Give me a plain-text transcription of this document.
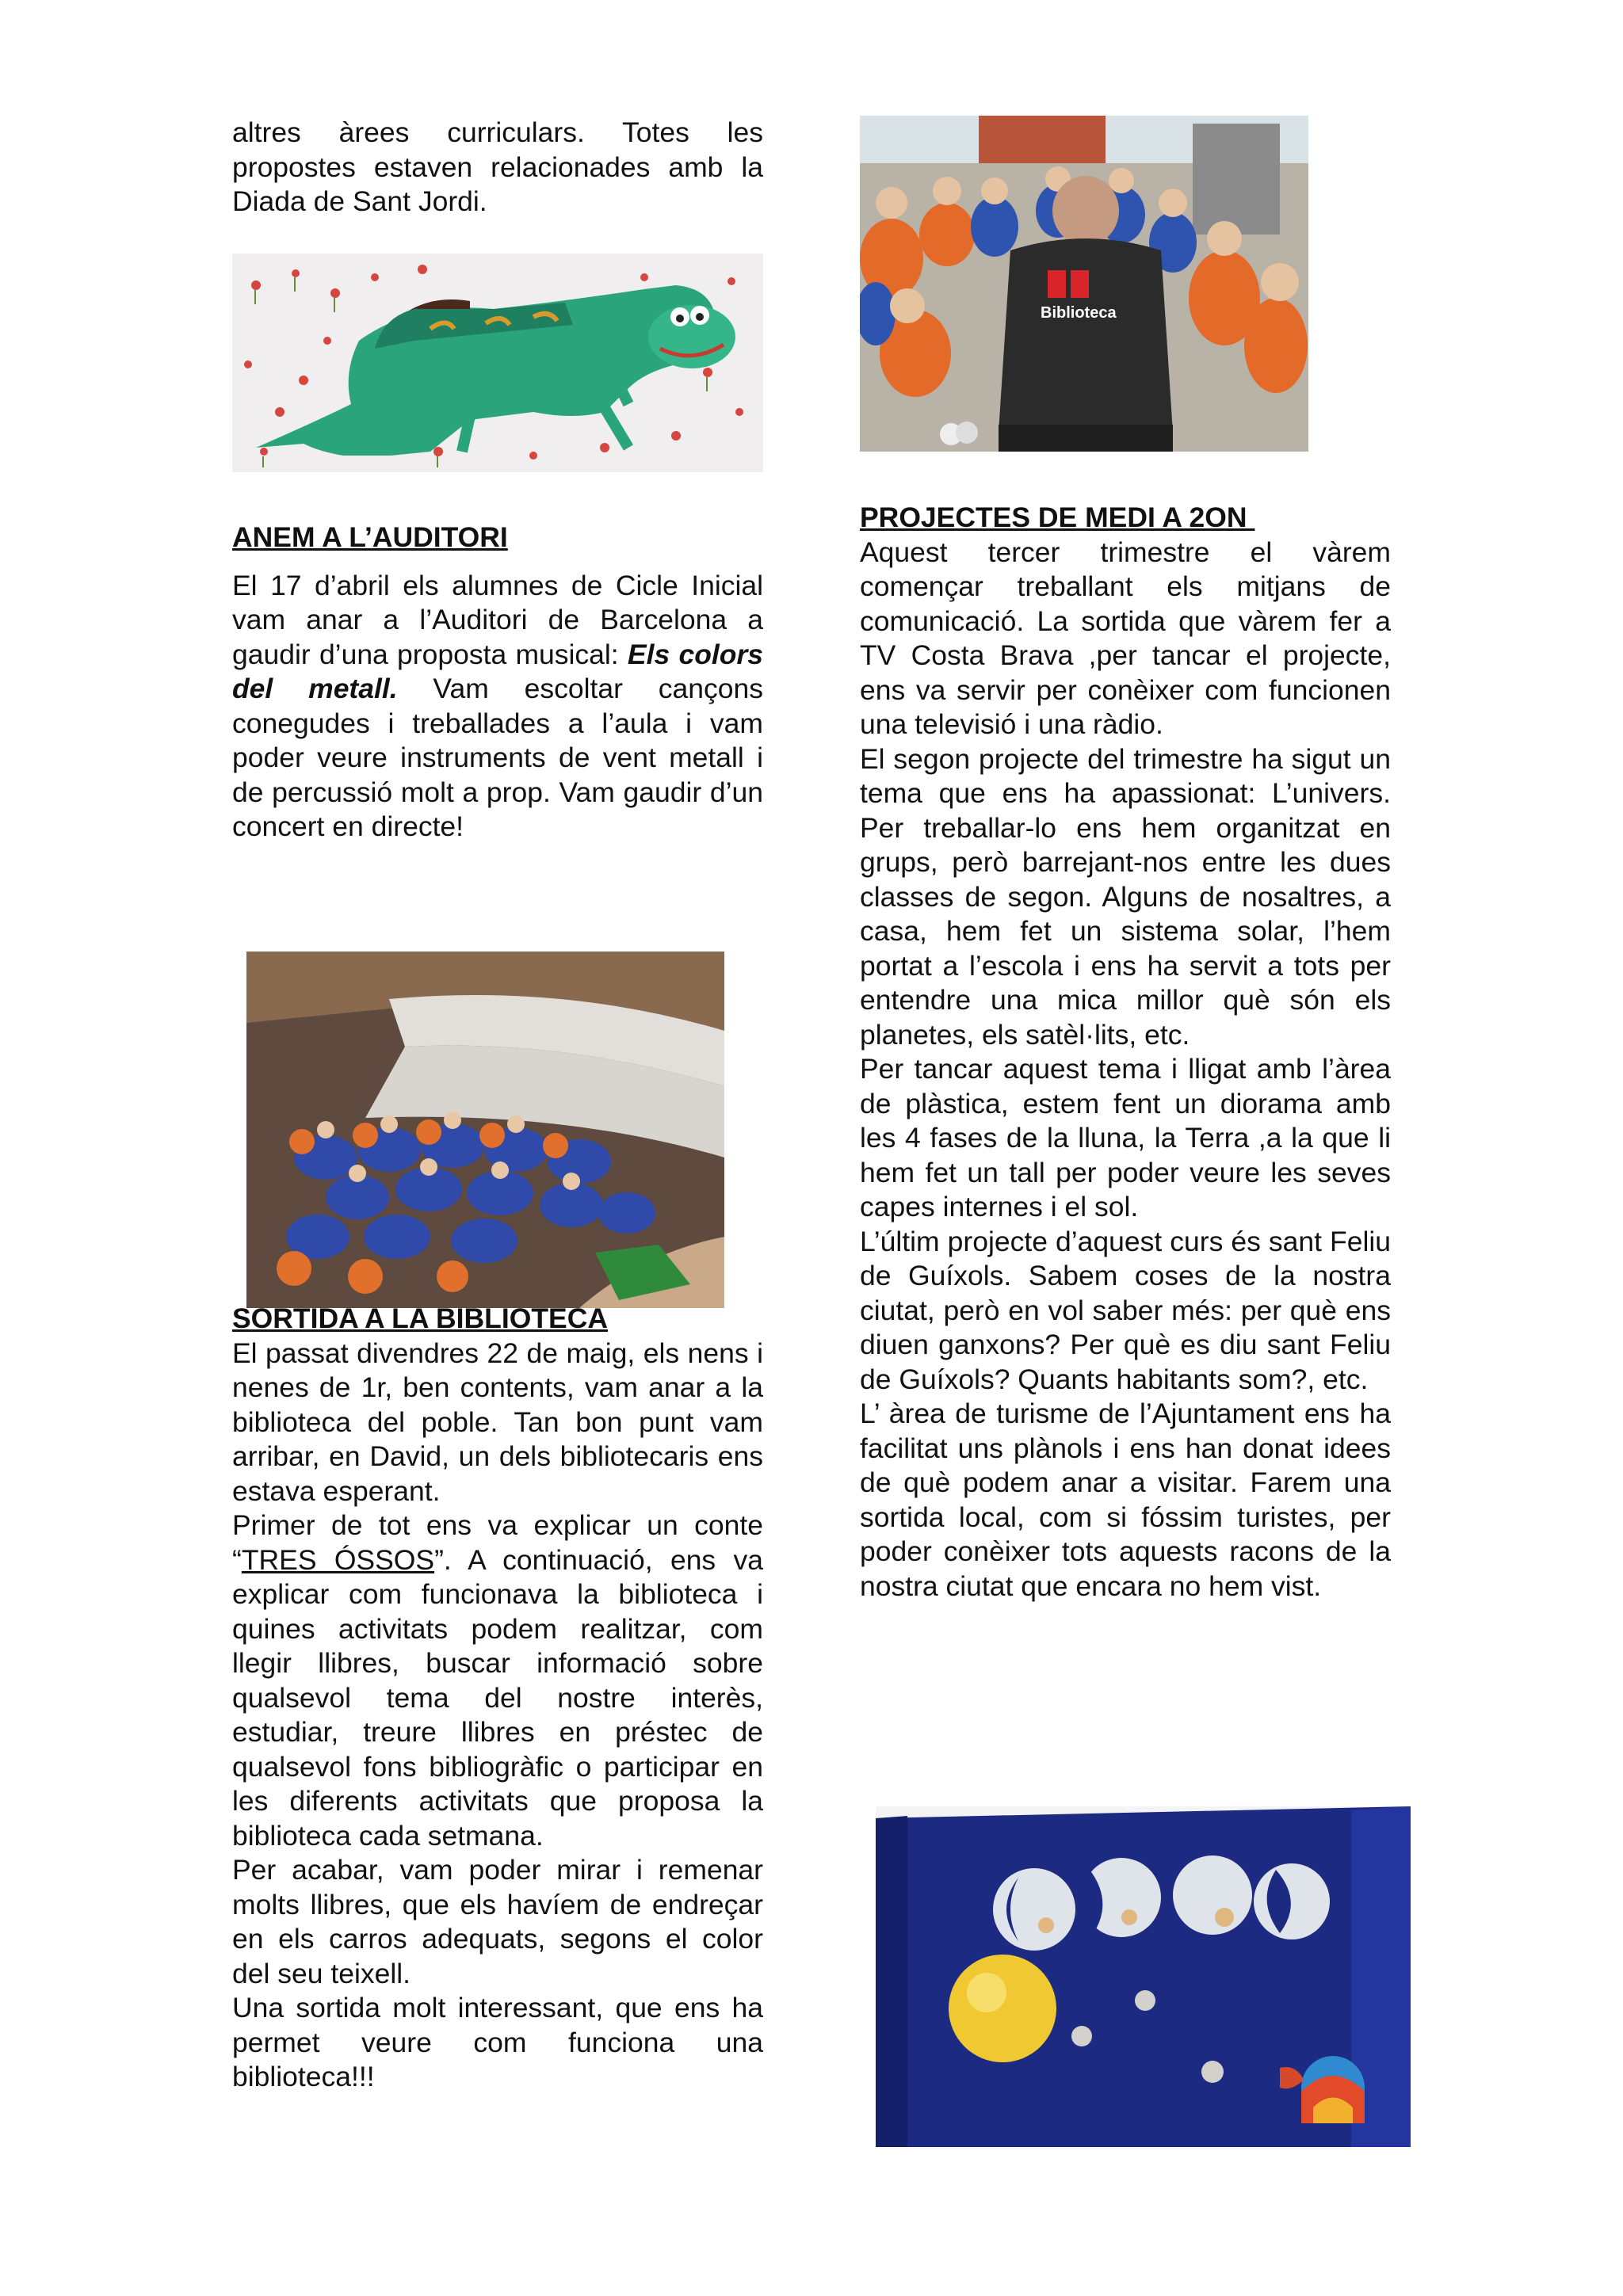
altres àrees curriculars. Totes les propostes estaven relacionades amb la Diada de Sant Jordi.

ANEM A L’AUDITORI

El 17 d’abril els alumnes de Cicle Inicial vam anar a l’Auditori de Barcelona a gaudir d’una proposta musical: Els colors del metall. Vam escoltar cançons conegudes i treballades a l’aula i vam poder veure instruments de vent metall i de percussió molt a prop. Vam gaudir d’un concert en directe!

SORTIDA A LA BIBLIOTECA

El passat divendres 22 de maig, els nens i nenes de 1r, ben contents, vam anar a la biblioteca del poble. Tan bon punt vam arribar, en David, un dels bibliotecaris ens estava esperant.

Primer de tot ens va explicar un conte “TRES ÓSSOS”. A continuació, ens va explicar com funcionava la biblioteca i quines activitats podem realitzar, com llegir llibres, buscar informació sobre qualsevol tema del nostre interès, estudiar, treure llibres en préstec de qualsevol fons bibliogràfic o participar en les diferents activitats que proposa la biblioteca cada setmana.

Per acabar, vam poder mirar i remenar molts llibres, que els havíem de endreçar en els carros adequats, segons el color del seu teixell.

Una sortida molt interessant, que ens ha permet veure com funciona una biblioteca!!!

Biblioteca

PROJECTES DE MEDI A 2ON

Aquest tercer trimestre el vàrem començar treballant els mitjans de comunicació. La sortida que vàrem fer a TV Costa Brava ,per tancar el projecte, ens va servir per conèixer com funcionen una televisió i una ràdio.

El segon projecte del trimestre ha sigut un tema que ens ha apassionat: L’univers. Per treballar-lo ens hem organitzat en grups, però barrejant-nos entre les dues classes de segon. Alguns de nosaltres, a casa, hem fet un sistema solar, l’hem portat a l’escola i ens ha servit a tots per entendre una mica millor què són els planetes, els satèl·lits, etc.

Per tancar aquest tema i lligat amb l’àrea de plàstica, estem fent un diorama amb les 4 fases de la lluna, la Terra ,a la que li hem fet un tall per poder veure les seves capes internes i el sol.

L’últim projecte d’aquest curs és sant Feliu de Guíxols. Sabem coses de la nostra ciutat, però en vol saber més: per què ens diuen ganxons? Per què es diu sant Feliu de Guíxols? Quants habitants som?, etc.

L’ àrea de turisme de l’Ajuntament ens ha facilitat uns plànols i ens han donat idees de què podem anar a visitar. Farem una sortida local, com si fóssim turistes, per poder conèixer tots aquests racons de la nostra ciutat que encara no hem vist.
